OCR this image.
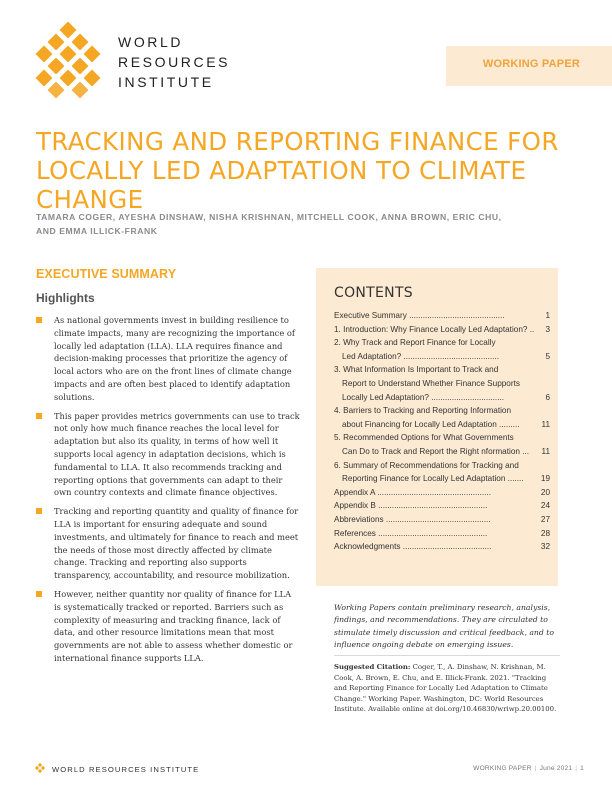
WORLD
RESOURCES
INSTITUTE
WORKING PAPER
TRACKING AND REPORTING FINANCE FOR
LOCALLY LED ADAPTATION TO CLIMATE CHANGE
TAMARA COGER, AYESHA DINSHAW, NISHA KRISHNAN, MITCHELL COOK, ANNA BROWN, ERIC CHU,
AND EMMA ILLICK-FRANK
EXECUTIVE SUMMARY
Highlights
As national governments invest in building resilience to climate impacts, many are recognizing the importance of locally led adaptation (LLA). LLA requires finance and decision-making processes that prioritize the agency of local actors who are on the front lines of climate change impacts and are often best placed to identify adaptation solutions.
This paper provides metrics governments can use to track not only how much finance reaches the local level for adaptation but also its quality, in terms of how well it supports local agency in adaptation decisions, which is fundamental to LLA. It also recommends tracking and reporting options that governments can adapt to their own country contexts and climate finance objectives.
Tracking and reporting quantity and quality of finance for LLA is important for ensuring adequate and sound investments, and ultimately for finance to reach and meet the needs of those most directly affected by climate change. Tracking and reporting also supports transparency, accountability, and resource mobilization.
However, neither quantity nor quality of finance for LLA is systematically tracked or reported. Barriers such as complexity of measuring and tracking finance, lack of data, and other resource limitations mean that most governments are not able to assess whether domestic or international finance supports LLA.
CONTENTS
Executive Summary ..........................................	1
1. Introduction: Why Finance Locally Led Adaptation? .. 3
2. Why Track and Report Finance for Locally
Led Adaptation? ..........................................	5
3. What Information Is Important to Track and
Report to Understand Whether Finance Supports
Locally Led Adaptation? ................................	6
4. Barriers to Tracking and Reporting Information
about Financing for Locally Led Adaptation .........	11
5. Recommended Options for What Governments
Can Do to Track and Report the Right nformation ... 11
6. Summary of Recommendations for Tracking and
Reporting Finance for Locally Led Adaptation ....... 19
Appendix A ..................................................	20
Appendix B ................................................	24
Abbreviations ..............................................	27
References ................................................	28
Acknowledgments .......................................	32
Working Papers contain preliminary research, analysis, findings, and recommendations. They are circulated to stimulate timely discussion and critical feedback, and to influence ongoing debate on emerging issues.
Suggested Citation: Coger, T., A. Dinshaw, N. Krishnan, M. Cook, A. Brown, E. Chu, and E. Illick-Frank. 2021. "Tracking and Reporting Finance for Locally Led Adaptation to Climate Change." Working Paper. Washington, DC: World Resources Institute. Available online at doi.org/10.46830/wriwp.20.00100.
WORLD RESOURCES INSTITUTE	WORKING PAPER | June 2021 | 1
